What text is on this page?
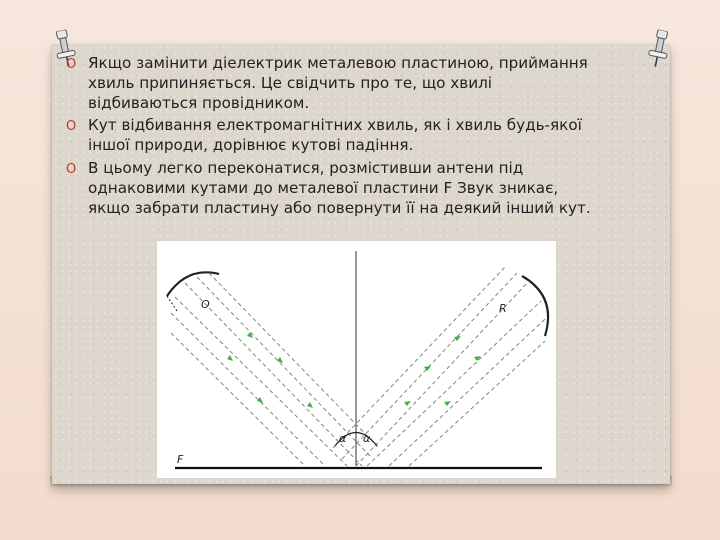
O Якщо замінити діелектрик металевою пластиною, приймання хвиль припиняється. Це свідчить про те, що хвилі відбиваються провідником.
O Кут відбивання електромагнітних хвиль, як і хвиль будь-якої іншої природи, дорівнює кутові падіння.
O В цьому легко переконатися, розмістивши антени під однаковими кутами до металевої пластини F Звук зникає, якщо забрати пластину або повернути її на деякий інший кут.
F
O	R
α α
